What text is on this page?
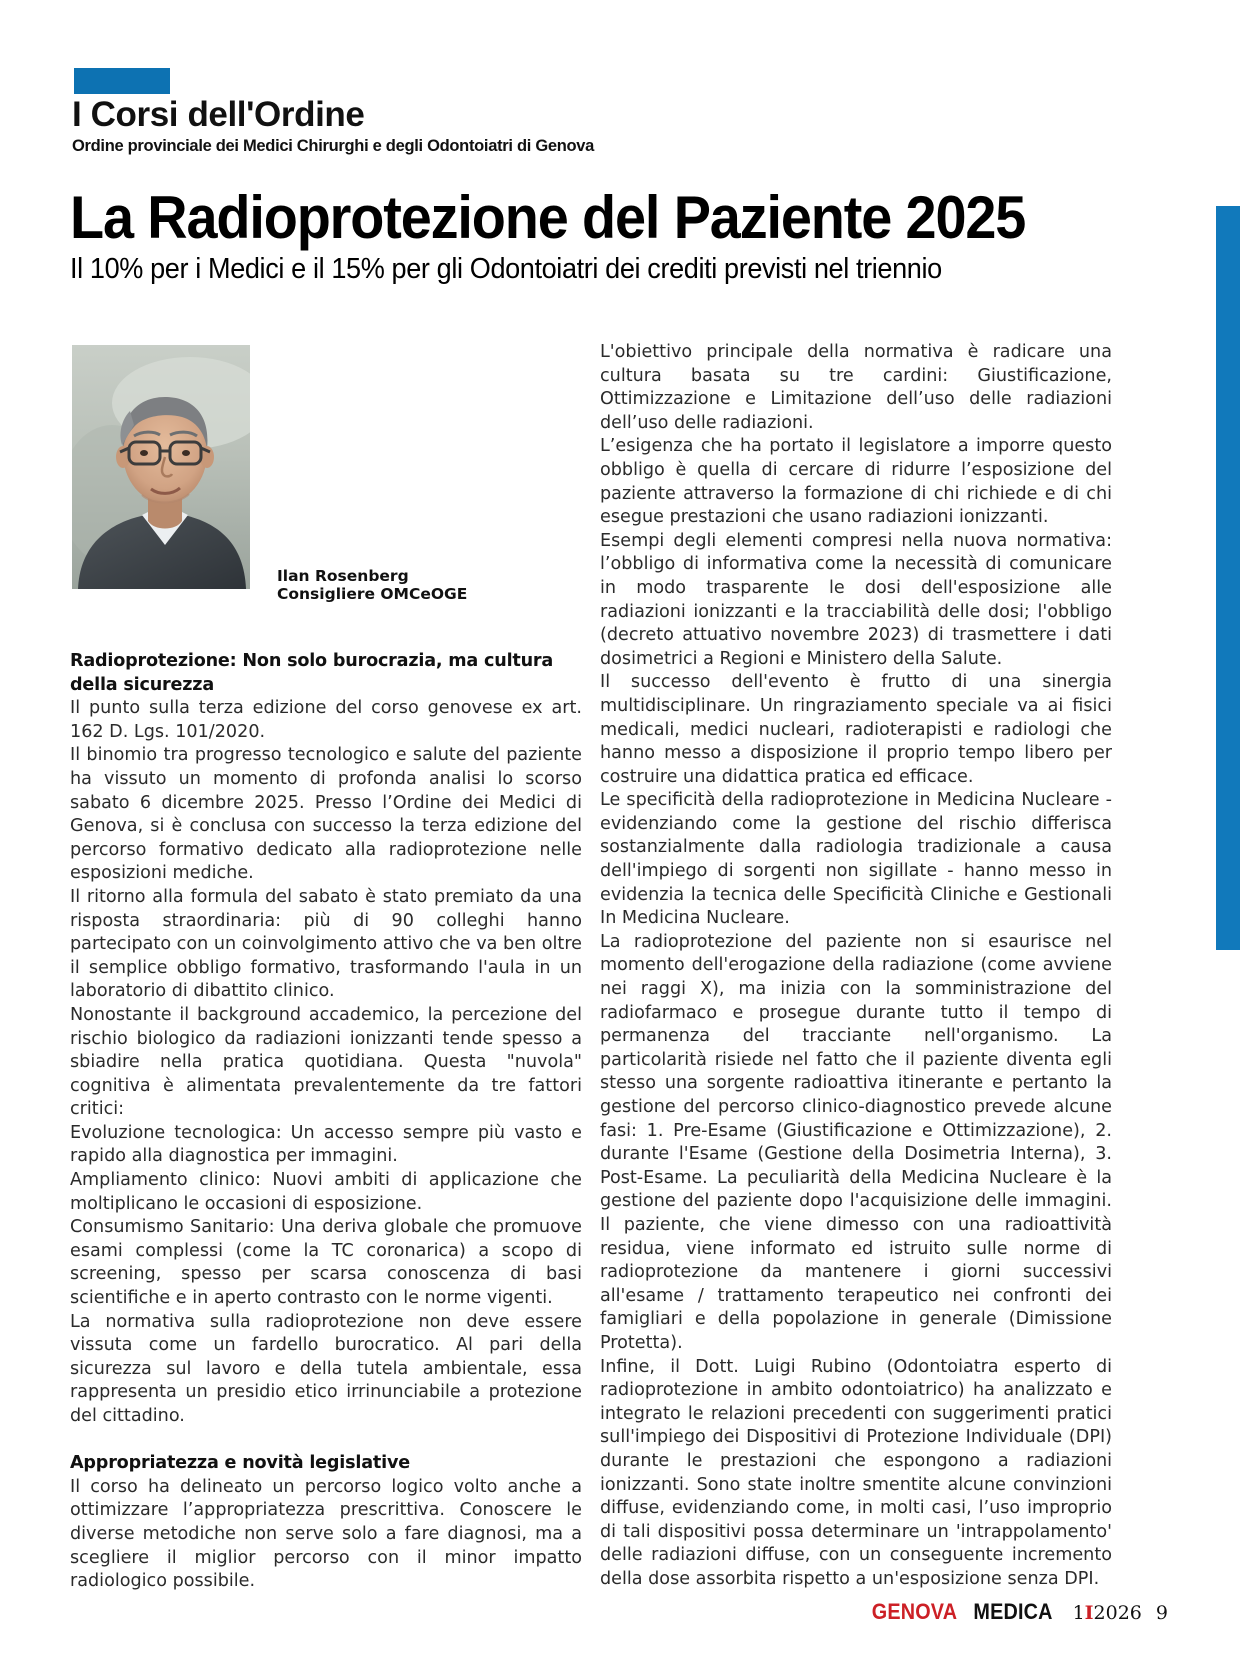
I Corsi dell'Ordine
Ordine provinciale dei Medici Chirurghi e degli Odontoiatri di Genova
La Radioprotezione del Paziente 2025
Il 10% per i Medici e il 15% per gli Odontoiatri dei crediti previsti nel triennio
Ilan Rosenberg
Consigliere OMCeOGE

Radioprotezione: Non solo burocrazia, ma cultura della sicurezza

Il punto sulla terza edizione del corso genovese ex art. 162 D. Lgs. 101/2020.

Il binomio tra progresso tecnologico e salute del paziente ha vissuto un momento di profonda analisi lo scorso sabato 6 dicembre 2025. Presso l’Ordine dei Medici di Genova, si è conclusa con successo la terza edizione del percorso formativo dedicato alla radioprotezione nelle esposizioni mediche.

Il ritorno alla formula del sabato è stato premiato da una risposta straordinaria: più di 90 colleghi hanno partecipato con un coinvolgimento attivo che va ben oltre il semplice obbligo formativo, trasformando l'aula in un laboratorio di dibattito clinico.

Nonostante il background accademico, la percezione del rischio biologico da radiazioni ionizzanti tende spesso a sbiadire nella pratica quotidiana. Questa "nuvola" cognitiva è alimentata prevalentemente da tre fattori critici:

Evoluzione tecnologica: Un accesso sempre più vasto e rapido alla diagnostica per immagini.

Ampliamento clinico: Nuovi ambiti di applicazione che moltiplicano le occasioni di esposizione.

Consumismo Sanitario: Una deriva globale che promuove esami complessi (come la TC coronarica) a scopo di screening, spesso per scarsa conoscenza di basi scientifiche e in aperto contrasto con le norme vigenti.

La normativa sulla radioprotezione non deve essere vissuta come un fardello burocratico. Al pari della sicurezza sul lavoro e della tutela ambientale, essa rappresenta un presidio etico irrinunciabile a protezione del cittadino.

Appropriatezza e novità legislative

Il corso ha delineato un percorso logico volto anche a ottimizzare l’appropriatezza prescrittiva. Conoscere le diverse metodiche non serve solo a fare diagnosi, ma a scegliere il miglior percorso con il minor impatto radiologico possibile.

L'obiettivo principale della normativa è radicare una cultura basata su tre cardini: Giustificazione, Ottimizzazione e Limitazione dell’uso delle radiazioni dell’uso delle radiazioni.

L’esigenza che ha portato il legislatore a imporre questo obbligo è quella di cercare di ridurre l’esposizione del paziente attraverso la formazione di chi richiede e di chi esegue prestazioni che usano radiazioni ionizzanti.

Esempi degli elementi compresi nella nuova normativa: l’obbligo di informativa come la necessità di comunicare in modo trasparente le dosi dell'esposizione alle radiazioni ionizzanti e la tracciabilità delle dosi; l'obbligo (decreto attuativo novembre 2023) di trasmettere i dati dosimetrici a Regioni e Ministero della Salute.

Il successo dell'evento è frutto di una sinergia multidisciplinare. Un ringraziamento speciale va ai fisici medicali, medici nucleari, radioterapisti e radiologi che hanno messo a disposizione il proprio tempo libero per costruire una didattica pratica ed efficace.

Le specificità della radioprotezione in Medicina Nucleare - evidenziando come la gestione del rischio differisca sostanzialmente dalla radiologia tradizionale a causa dell'impiego di sorgenti non sigillate - hanno messo in evidenzia la tecnica delle Specificità Cliniche e Gestionali In Medicina Nucleare.

La radioprotezione del paziente non si esaurisce nel momento dell'erogazione della radiazione (come avviene nei raggi X), ma inizia con la somministrazione del radiofarmaco e prosegue durante tutto il tempo di permanenza del tracciante nell'organismo. La particolarità risiede nel fatto che il paziente diventa egli stesso una sorgente radioattiva itinerante e pertanto la gestione del percorso clinico-diagnostico prevede alcune fasi: 1. Pre-Esame (Giustificazione e Ottimizzazione), 2. durante l'Esame (Gestione della Dosimetria Interna), 3. Post-Esame. La peculiarità della Medicina Nucleare è la gestione del paziente dopo l'acquisizione delle immagini. Il paziente, che viene dimesso con una radioattività residua, viene informato ed istruito sulle norme di radioprotezione da mantenere i giorni successivi all'esame / trattamento terapeutico nei confronti dei famigliari e della popolazione in generale (Dimissione Protetta).

Infine, il Dott. Luigi Rubino (Odontoiatra esperto di radioprotezione in ambito odontoiatrico) ha analizzato e integrato le relazioni precedenti con suggerimenti pratici sull'impiego dei Dispositivi di Protezione Individuale (DPI) durante le prestazioni che espongono a radiazioni ionizzanti. Sono state inoltre smentite alcune convinzioni diffuse, evidenziando come, in molti casi, l’uso improprio di tali dispositivi possa determinare un 'intrappolamento' delle radiazioni diffuse, con un conseguente incremento della dose assorbita rispetto a un'esposizione senza DPI.

GENOVA MEDICA 1I2026 9
